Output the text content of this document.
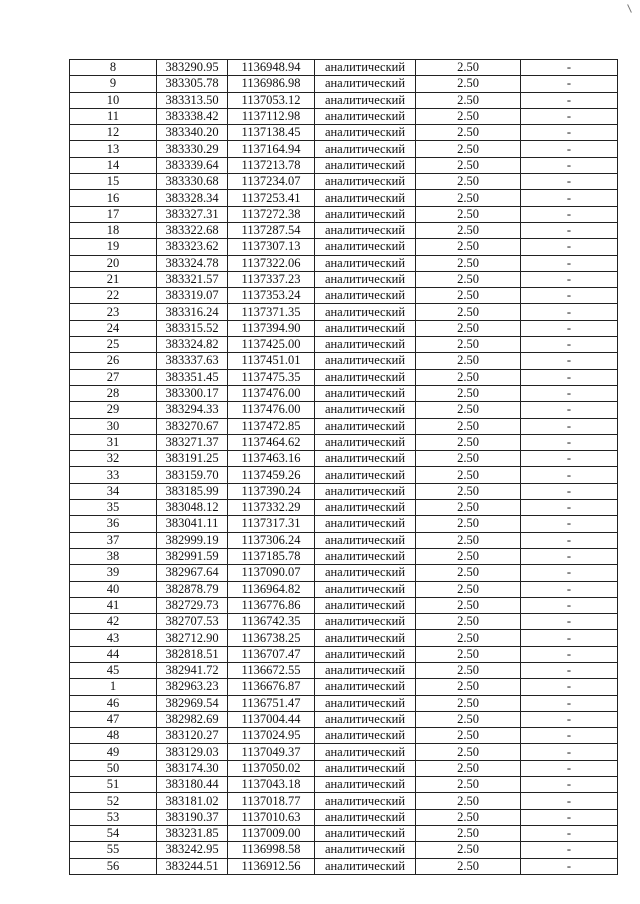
8	383290.95	1136948.94	аналитический	2.50	-
9	383305.78	1136986.98	аналитический	2.50	-
10	383313.50	1137053.12	аналитический	2.50	-
11	383338.42	1137112.98	аналитический	2.50	-
12	383340.20	1137138.45	аналитический	2.50	-
13	383330.29	1137164.94	аналитический	2.50	-
14	383339.64	1137213.78	аналитический	2.50	-
15	383330.68	1137234.07	аналитический	2.50	-
16	383328.34	1137253.41	аналитический	2.50	-
17	383327.31	1137272.38	аналитический	2.50	-
18	383322.68	1137287.54	аналитический	2.50	-
19	383323.62	1137307.13	аналитический	2.50	-
20	383324.78	1137322.06	аналитический	2.50	-
21	383321.57	1137337.23	аналитический	2.50	-
22	383319.07	1137353.24	аналитический	2.50	-
23	383316.24	1137371.35	аналитический	2.50	-
24	383315.52	1137394.90	аналитический	2.50	-
25	383324.82	1137425.00	аналитический	2.50	-
26	383337.63	1137451.01	аналитический	2.50	-
27	383351.45	1137475.35	аналитический	2.50	-
28	383300.17	1137476.00	аналитический	2.50	-
29	383294.33	1137476.00	аналитический	2.50	-
30	383270.67	1137472.85	аналитический	2.50	-
31	383271.37	1137464.62	аналитический	2.50	-
32	383191.25	1137463.16	аналитический	2.50	-
33	383159.70	1137459.26	аналитический	2.50	-
34	383185.99	1137390.24	аналитический	2.50	-
35	383048.12	1137332.29	аналитический	2.50	-
36	383041.11	1137317.31	аналитический	2.50	-
37	382999.19	1137306.24	аналитический	2.50	-
38	382991.59	1137185.78	аналитический	2.50	-
39	382967.64	1137090.07	аналитический	2.50	-
40	382878.79	1136964.82	аналитический	2.50	-
41	382729.73	1136776.86	аналитический	2.50	-
42	382707.53	1136742.35	аналитический	2.50	-
43	382712.90	1136738.25	аналитический	2.50	-
44	382818.51	1136707.47	аналитический	2.50	-
45	382941.72	1136672.55	аналитический	2.50	-
1	382963.23	1136676.87	аналитический	2.50	-
46	382969.54	1136751.47	аналитический	2.50	-
47	382982.69	1137004.44	аналитический	2.50	-
48	383120.27	1137024.95	аналитический	2.50	-
49	383129.03	1137049.37	аналитический	2.50	-
50	383174.30	1137050.02	аналитический	2.50	-
51	383180.44	1137043.18	аналитический	2.50	-
52	383181.02	1137018.77	аналитический	2.50	-
53	383190.37	1137010.63	аналитический	2.50	-
54	383231.85	1137009.00	аналитический	2.50	-
55	383242.95	1136998.58	аналитический	2.50	-
56	383244.51	1136912.56	аналитический	2.50	-
